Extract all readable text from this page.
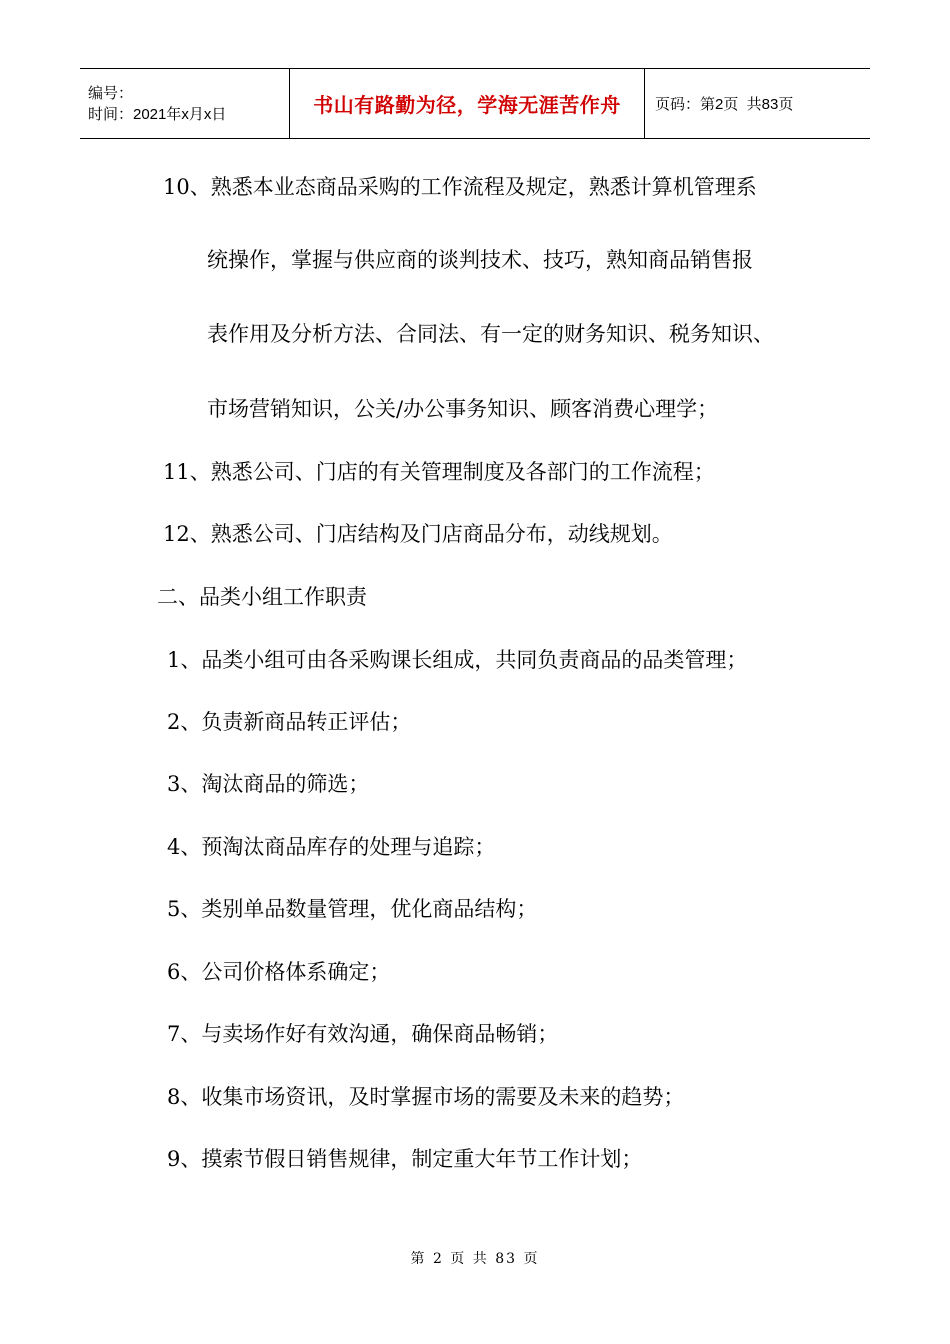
编号：
时间：2021年x月x日	书山有路勤为径，学海无涯苦作舟	页码：第2页  共83页
10、熟悉本业态商品采购的工作流程及规定，熟悉计算机管理系
统操作，掌握与供应商的谈判技术、技巧，熟知商品销售报
表作用及分析方法、合同法、有一定的财务知识、税务知识、
市场营销知识，公关/办公事务知识、顾客消费心理学；
11、熟悉公司、门店的有关管理制度及各部门的工作流程；
12、熟悉公司、门店结构及门店商品分布，动线规划。
二、品类小组工作职责
1、品类小组可由各采购课长组成，共同负责商品的品类管理；
2、负责新商品转正评估；
3、淘汰商品的筛选；
4、预淘汰商品库存的处理与追踪；
5、类别单品数量管理，优化商品结构；
6、公司价格体系确定；
7、与卖场作好有效沟通，确保商品畅销；
8、收集市场资讯，及时掌握市场的需要及未来的趋势；
9、摸索节假日销售规律，制定重大年节工作计划；
第 2 页 共 83 页
